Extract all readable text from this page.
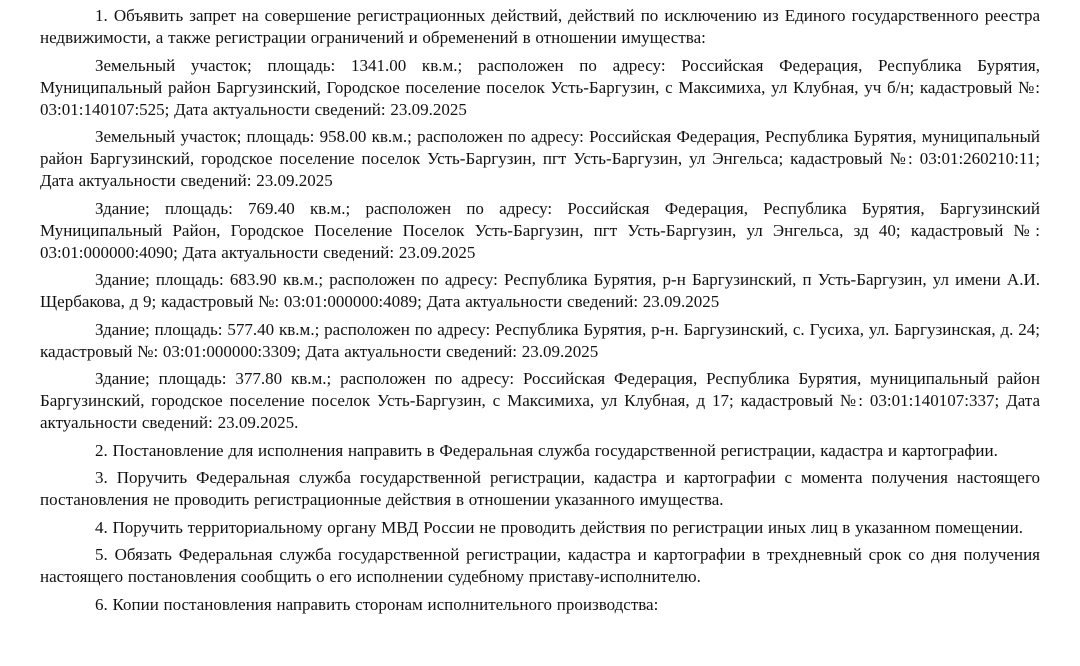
1. Объявить запрет на совершение регистрационных действий, действий по исключению из Единого государственного реестра недвижимости, а также регистрации ограничений и обременений в отношении имущества:

Земельный участок; площадь: 1341.00 кв.м.; расположен по адресу: Российская Федерация, Республика Бурятия, Муниципальный район Баргузинский, Городское поселение поселок Усть-Баргузин, с Максимиха, ул Клубная, уч б/н; кадастровый №: 03:01:140107:525; Дата актуальности сведений: 23.09.2025

Земельный участок; площадь: 958.00 кв.м.; расположен по адресу: Российская Федерация, Республика Бурятия, муниципальный район Баргузинский, городское поселение поселок Усть-Баргузин, пгт Усть-Баргузин, ул Энгельса; кадастровый №: 03:01:260210:11; Дата актуальности сведений: 23.09.2025

Здание; площадь: 769.40 кв.м.; расположен по адресу: Российская Федерация, Республика Бурятия, Баргузинский Муниципальный Район, Городское Поселение Поселок Усть-Баргузин, пгт Усть-Баргузин, ул Энгельса, зд 40; кадастровый №: 03:01:000000:4090; Дата актуальности сведений: 23.09.2025

Здание; площадь: 683.90 кв.м.; расположен по адресу: Республика Бурятия, р-н Баргузинский, п Усть-Баргузин, ул имени А.И. Щербакова, д 9; кадастровый №: 03:01:000000:4089; Дата актуальности сведений: 23.09.2025

Здание; площадь: 577.40 кв.м.; расположен по адресу: Республика Бурятия, р-н. Баргузинский, с. Гусиха, ул. Баргузинская, д. 24; кадастровый №: 03:01:000000:3309; Дата актуальности сведений: 23.09.2025

Здание; площадь: 377.80 кв.м.; расположен по адресу: Российская Федерация, Республика Бурятия, муниципальный район Баргузинский, городское поселение поселок Усть-Баргузин, с Максимиха, ул Клубная, д 17; кадастровый №: 03:01:140107:337; Дата актуальности сведений: 23.09.2025.

2. Постановление для исполнения направить в Федеральная служба государственной регистрации, кадастра и картографии.

3. Поручить Федеральная служба государственной регистрации, кадастра и картографии с момента получения настоящего постановления не проводить регистрационные действия в отношении указанного имущества.

4. Поручить территориальному органу МВД России не проводить действия по регистрации иных лиц в указанном помещении.

5. Обязать Федеральная служба государственной регистрации, кадастра и картографии в трехдневный срок со дня получения настоящего постановления сообщить о его исполнении судебному приставу-исполнителю.

6. Копии постановления направить сторонам исполнительного производства:
